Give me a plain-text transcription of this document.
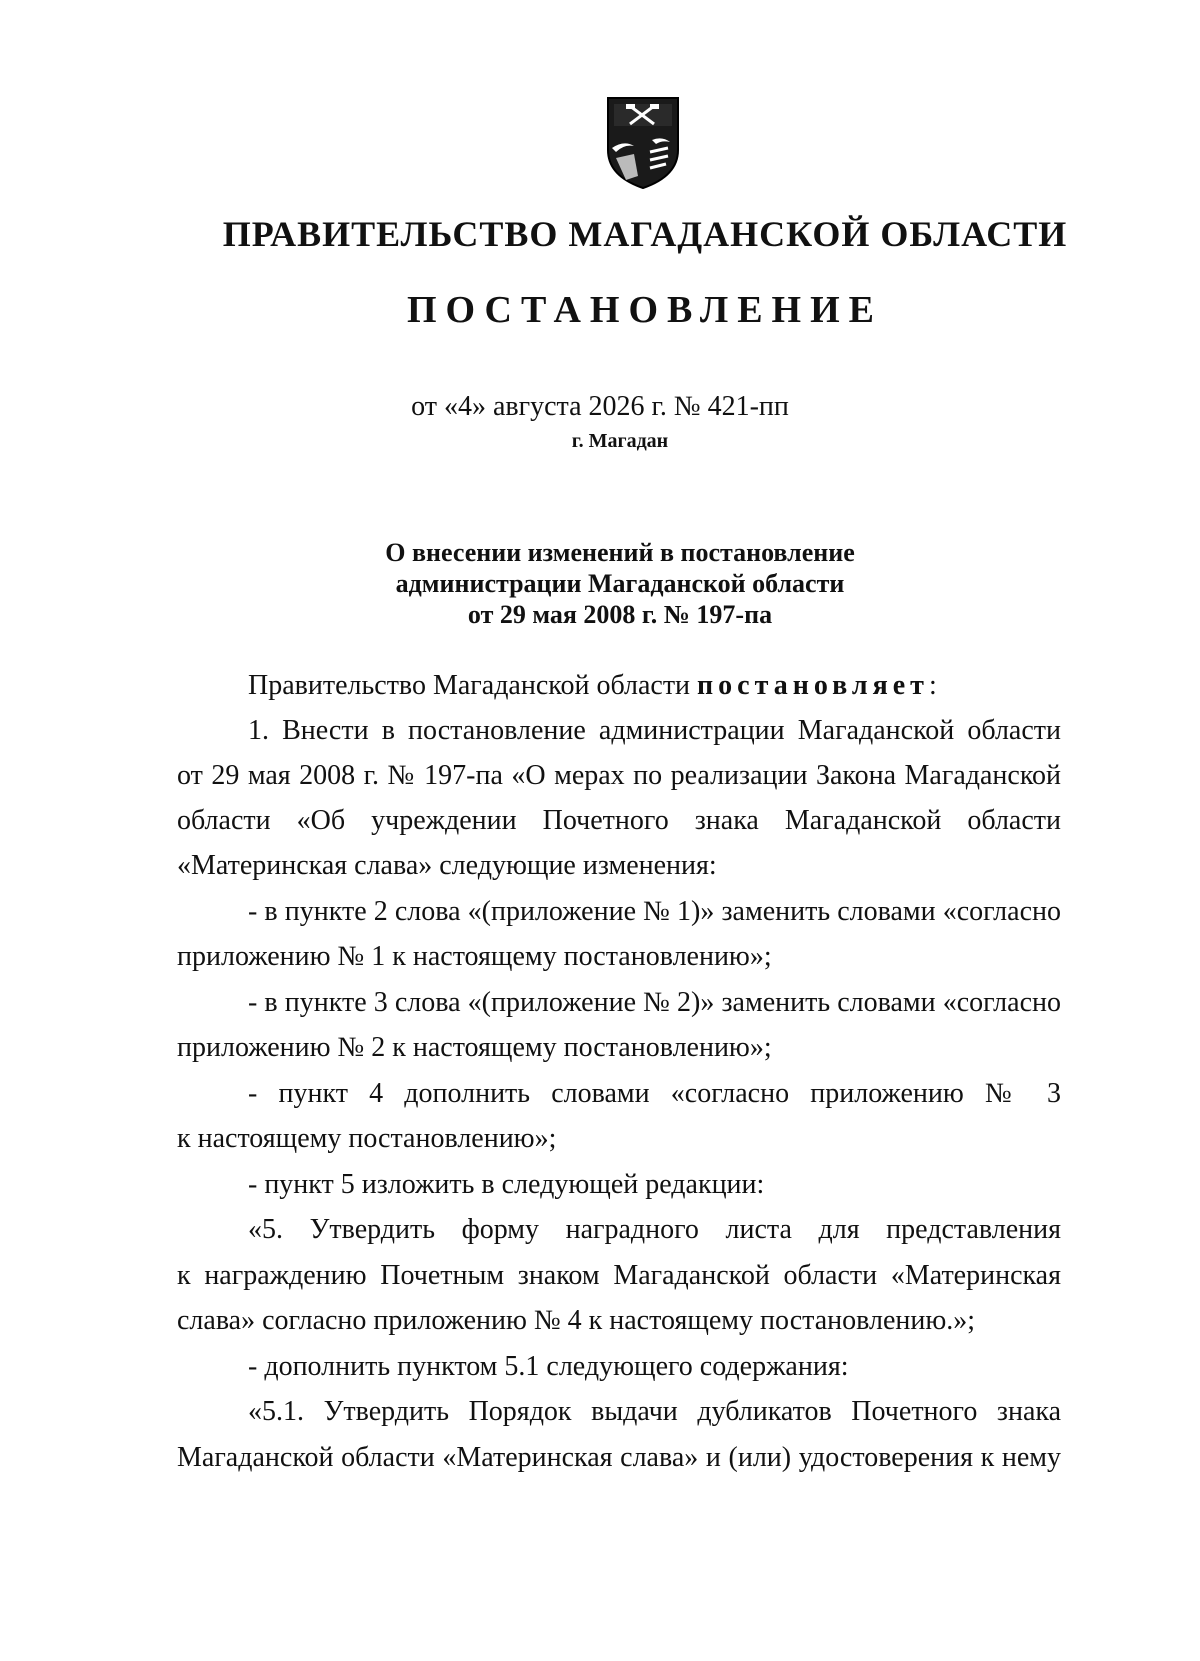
ПРАВИТЕЛЬСТВО МАГАДАНСКОЙ ОБЛАСТИ
ПОСТАНОВЛЕНИЕ
от «4» августа 2026 г. № 421-пп
г. Магадан
О внесении изменений в постановление
администрации Магаданской области
от 29 мая 2008 г. № 197-па
Правительство Магаданской области постановляет:
1. Внести в постановление администрации Магаданской области
от 29 мая 2008 г. № 197-па «О мерах по реализации Закона Магаданской
области «Об учреждении Почетного знака Магаданской области
«Материнская слава» следующие изменения:
- в пункте 2 слова «(приложение № 1)» заменить словами «согласно
приложению № 1 к настоящему постановлению»;
- в пункте 3 слова «(приложение № 2)» заменить словами «согласно
приложению № 2 к настоящему постановлению»;
- пункт 4 дополнить словами «согласно приложению № 3
к настоящему постановлению»;
- пункт 5 изложить в следующей редакции:
«5. Утвердить форму наградного листа для представления
к награждению Почетным знаком Магаданской области «Материнская
слава» согласно приложению № 4 к настоящему постановлению.»;
- дополнить пунктом 5.1 следующего содержания:
«5.1. Утвердить Порядок выдачи дубликатов Почетного знака
Магаданской области «Материнская слава» и (или) удостоверения к нему
